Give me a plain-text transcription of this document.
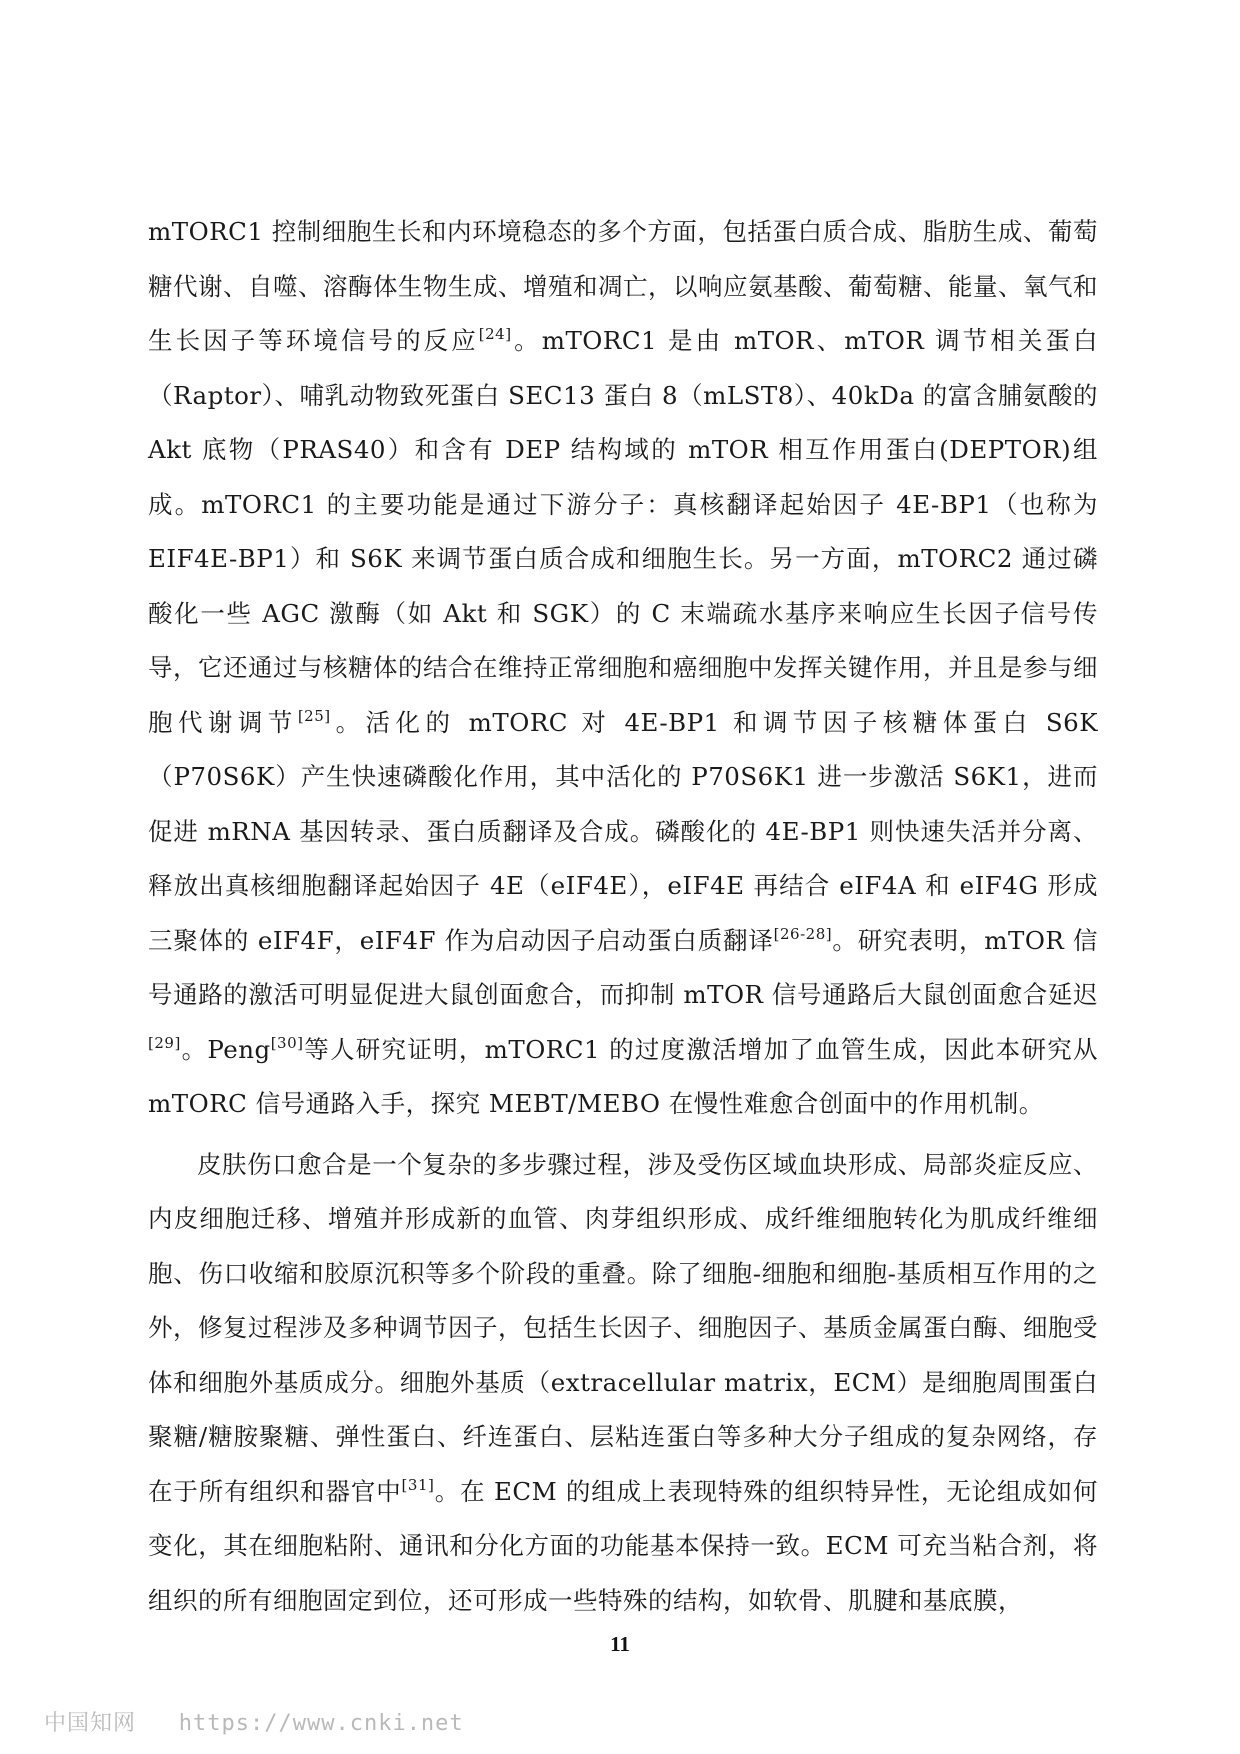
mTORC1 控制细胞生长和内环境稳态的多个方面，包括蛋白质合成、脂肪生成、葡萄糖代谢、自噬、溶酶体生物生成、增殖和凋亡，以响应氨基酸、葡萄糖、能量、氧气和生长因子等环境信号的反应[24]。mTORC1 是由 mTOR、mTOR 调节相关蛋白（Raptor）、哺乳动物致死蛋白 SEC13 蛋白 8（mLST8）、40kDa 的富含脯氨酸的 Akt 底物（PRAS40）和含有 DEP 结构域的 mTOR 相互作用蛋白(DEPTOR)组成。mTORC1 的主要功能是通过下游分子：真核翻译起始因子 4E-BP1（也称为 EIF4E-BP1）和 S6K 来调节蛋白质合成和细胞生长。另一方面，mTORC2 通过磷酸化一些 AGC 激酶（如 Akt 和 SGK）的 C 末端疏水基序来响应生长因子信号传导，它还通过与核糖体的结合在维持正常细胞和癌细胞中发挥关键作用，并且是参与细胞代谢调节[25]。活化的 mTORC 对 4E-BP1 和调节因子核糖体蛋白 S6K（P70S6K）产生快速磷酸化作用，其中活化的 P70S6K1 进一步激活 S6K1，进而促进 mRNA 基因转录、蛋白质翻译及合成。磷酸化的 4E-BP1 则快速失活并分离、释放出真核细胞翻译起始因子 4E（eIF4E），eIF4E 再结合 eIF4A 和 eIF4G 形成三聚体的 eIF4F，eIF4F 作为启动因子启动蛋白质翻译[26-28]。研究表明，mTOR 信号通路的激活可明显促进大鼠创面愈合，而抑制 mTOR 信号通路后大鼠创面愈合延迟[29]。Peng[30]等人研究证明，mTORC1 的过度激活增加了血管生成，因此本研究从 mTORC 信号通路入手，探究 MEBT/MEBO 在慢性难愈合创面中的作用机制。

皮肤伤口愈合是一个复杂的多步骤过程，涉及受伤区域血块形成、局部炎症反应、内皮细胞迁移、增殖并形成新的血管、肉芽组织形成、成纤维细胞转化为肌成纤维细胞、伤口收缩和胶原沉积等多个阶段的重叠。除了细胞-细胞和细胞-基质相互作用的之外，修复过程涉及多种调节因子，包括生长因子、细胞因子、基质金属蛋白酶、细胞受体和细胞外基质成分。细胞外基质（extracellular matrix，ECM）是细胞周围蛋白聚糖/糖胺聚糖、弹性蛋白、纤连蛋白、层粘连蛋白等多种大分子组成的复杂网络，存在于所有组织和器官中[31]。在 ECM 的组成上表现特殊的组织特异性，无论组成如何变化，其在细胞粘附、通讯和分化方面的功能基本保持一致。ECM 可充当粘合剂，将组织的所有细胞固定到位，还可形成一些特殊的结构，如软骨、肌腱和基底膜，

11
中国知网 https://www.cnki.net
